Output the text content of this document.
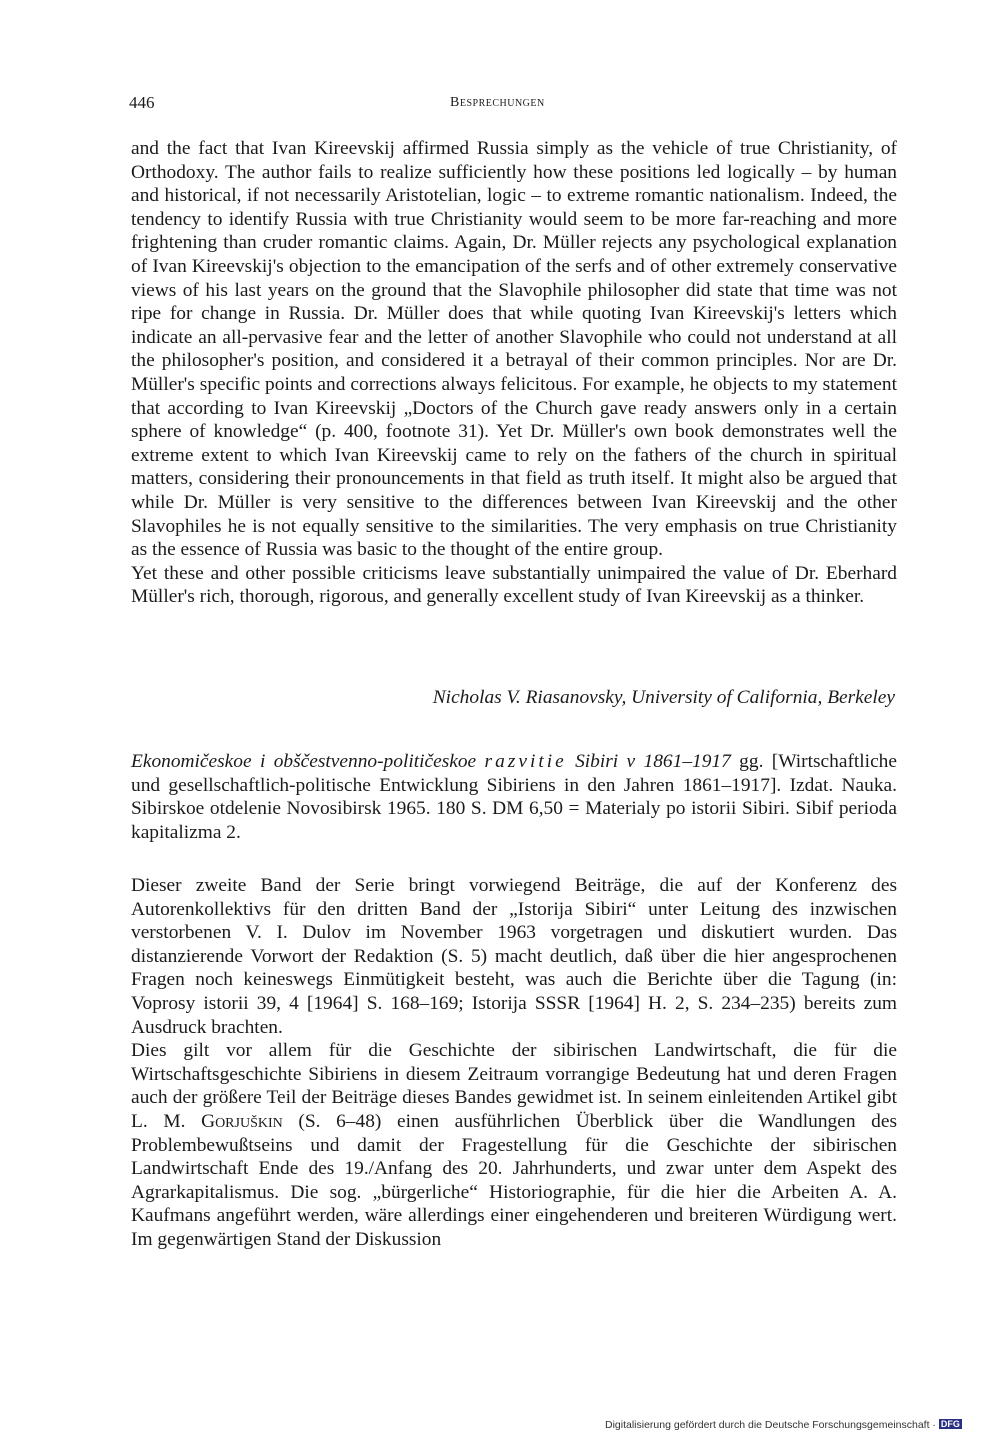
446	Besprechungen

and the fact that Ivan Kireevskij affirmed Russia simply as the vehicle of true Christianity, of Orthodoxy. The author fails to realize sufficiently how these positions led logically – by human and historical, if not necessarily Aristotelian, logic – to extreme romantic nationalism. Indeed, the tendency to identify Russia with true Christianity would seem to be more far-reaching and more frightening than cruder romantic claims. Again, Dr. Müller rejects any psychological explanation of Ivan Kireevskij's objection to the emancipation of the serfs and of other extremely conservative views of his last years on the ground that the Slavophile philosopher did state that time was not ripe for change in Russia. Dr. Müller does that while quoting Ivan Kireevskij's letters which indicate an all-pervasive fear and the letter of another Slavophile who could not understand at all the philosopher's position, and considered it a betrayal of their common principles. Nor are Dr. Müller's specific points and corrections always felicitous. For example, he objects to my statement that according to Ivan Kireevskij „Doctors of the Church gave ready answers only in a certain sphere of knowledge“ (p. 400, footnote 31). Yet Dr. Müller's own book demonstrates well the extreme extent to which Ivan Kireevskij came to rely on the fathers of the church in spiritual matters, considering their pronouncements in that field as truth itself. It might also be argued that while Dr. Müller is very sensitive to the differences between Ivan Kireevskij and the other Slavophiles he is not equally sensitive to the similarities. The very emphasis on true Christianity as the essence of Russia was basic to the thought of the entire group.

Yet these and other possible criticisms leave substantially unimpaired the value of Dr. Eberhard Müller's rich, thorough, rigorous, and generally excellent study of Ivan Kireevskij as a thinker.

Nicholas V. Riasanovsky, University of California, Berkeley

Ekonomičeskoe i obščestvenno-političeskoe razvitie Sibiri v 1861–1917 gg. [Wirtschaftliche und gesellschaftlich-politische Entwicklung Sibiriens in den Jahren 1861–1917]. Izdat. Nauka. Sibirskoe otdelenie Novosibirsk 1965. 180 S. DM 6,50 = Materialy po istorii Sibiri. Sibif perioda kapitalizma 2.

Dieser zweite Band der Serie bringt vorwiegend Beiträge, die auf der Konferenz des Autorenkollektivs für den dritten Band der „Istorija Sibiri“ unter Leitung des inzwischen verstorbenen V. I. Dulov im November 1963 vorgetragen und diskutiert wurden. Das distanzierende Vorwort der Redaktion (S. 5) macht deutlich, daß über die hier angesprochenen Fragen noch keineswegs Einmütigkeit besteht, was auch die Berichte über die Tagung (in: Voprosy istorii 39, 4 [1964] S. 168–169; Istorija SSSR [1964] H. 2, S. 234–235) bereits zum Ausdruck brachten.

Dies gilt vor allem für die Geschichte der sibirischen Landwirtschaft, die für die Wirtschaftsgeschichte Sibiriens in diesem Zeitraum vorrangige Bedeutung hat und deren Fragen auch der größere Teil der Beiträge dieses Bandes gewidmet ist. In seinem einleitenden Artikel gibt L. M. Gorjuškin (S. 6–48) einen ausführlichen Überblick über die Wandlungen des Problembewußtseins und damit der Fragestellung für die Geschichte der sibirischen Landwirtschaft Ende des 19./Anfang des 20. Jahrhunderts, und zwar unter dem Aspekt des Agrarkapitalismus. Die sog. „bürgerliche“ Historiographie, für die hier die Arbeiten A. A. Kaufmans angeführt werden, wäre allerdings einer eingehenderen und breiteren Würdigung wert. Im gegenwärtigen Stand der Diskussion

Digitalisierung gefördert durch die Deutsche Forschungsgemeinschaft · DFG
